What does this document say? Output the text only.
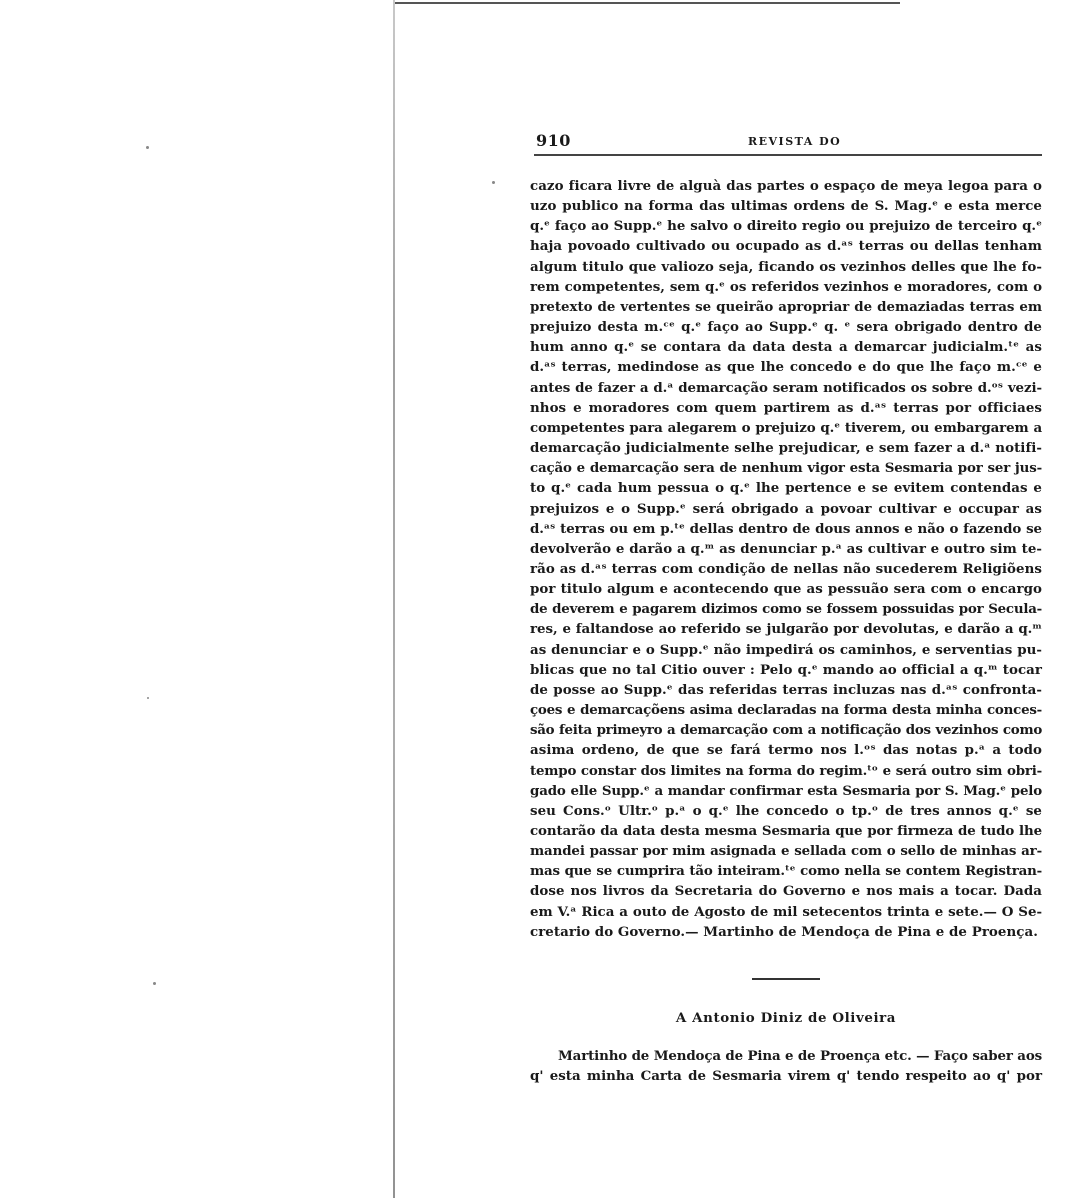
910	REVISTA DO
cazo ficara livre de alguà das partes o espaço de meya legoa para o
uzo publico na forma das ultimas ordens de S. Mag.ᵉ e esta merce
q.ᵉ faço ao Supp.ᵉ he salvo o direito regio ou prejuizo de terceiro q.ᵉ
haja povoado cultivado ou ocupado as d.ᵃˢ terras ou dellas tenham
algum titulo que valiozo seja, ficando os vezinhos delles que lhe fo-
rem competentes, sem q.ᵉ os referidos vezinhos e moradores, com o
pretexto de vertentes se queirão apropriar de demaziadas terras em
prejuizo desta m.ᶜᵉ q.ᵉ faço ao Supp.ᵉ q. ᵉ sera obrigado dentro de
hum anno q.ᵉ se contara da data desta a demarcar judicialm.ᵗᵉ as
d.ᵃˢ terras, medindose as que lhe concedo e do que lhe faço m.ᶜᵉ e
antes de fazer a d.ᵃ demarcação seram notificados os sobre d.ᵒˢ vezi-
nhos e moradores com quem partirem as d.ᵃˢ terras por officiaes
competentes para alegarem o prejuizo q.ᵉ tiverem, ou embargarem a
demarcação judicialmente selhe prejudicar, e sem fazer a d.ᵃ notifi-
cação e demarcação sera de nenhum vigor esta Sesmaria por ser jus-
to q.ᵉ cada hum pessua o q.ᵉ lhe pertence e se evitem contendas e
prejuizos e o Supp.ᵉ será obrigado a povoar cultivar e occupar as
d.ᵃˢ terras ou em p.ᵗᵉ dellas dentro de dous annos e não o fazendo se
devolverão e darão a q.ᵐ as denunciar p.ᵃ as cultivar e outro sim te-
rão as d.ᵃˢ terras com condição de nellas não sucederem Religiõens
por titulo algum e acontecendo que as pessuão sera com o encargo
de deverem e pagarem dizimos como se fossem possuidas por Secula-
res, e faltandose ao referido se julgarão por devolutas, e darão a q.ᵐ
as denunciar e o Supp.ᵉ não impedirá os caminhos, e serventias pu-
blicas que no tal Citio ouver : Pelo q.ᵉ mando ao official a q.ᵐ tocar
de posse ao Supp.ᵉ das referidas terras incluzas nas d.ᵃˢ confronta-
çoes e demarcaçõens asima declaradas na forma desta minha conces-
são feita primeyro a demarcação com a notificação dos vezinhos como
asima ordeno, de que se fará termo nos l.ᵒˢ das notas p.ᵃ a todo
tempo constar dos limites na forma do regim.ᵗᵒ e será outro sim obri-
gado elle Supp.ᵉ a mandar confirmar esta Sesmaria por S. Mag.ᵉ pelo
seu Cons.ᵒ Ultr.ᵒ p.ᵃ o q.ᵉ lhe concedo o tp.ᵒ de tres annos q.ᵉ se
contarão da data desta mesma Sesmaria que por firmeza de tudo lhe
mandei passar por mim asignada e sellada com o sello de minhas ar-
mas que se cumprira tão inteiram.ᵗᵉ como nella se contem Registran-
dose nos livros da Secretaria do Governo e nos mais a tocar. Dada
em V.ᵃ Rica a outo de Agosto de mil setecentos trinta e sete.— O Se-
cretario do Governo.— Martinho de Mendoça de Pina e de Proença.
A Antonio Diniz de Oliveira
Martinho de Mendoça de Pina e de Proença etc. — Faço saber aos
q' esta minha Carta de Sesmaria virem q' tendo respeito ao q' por
